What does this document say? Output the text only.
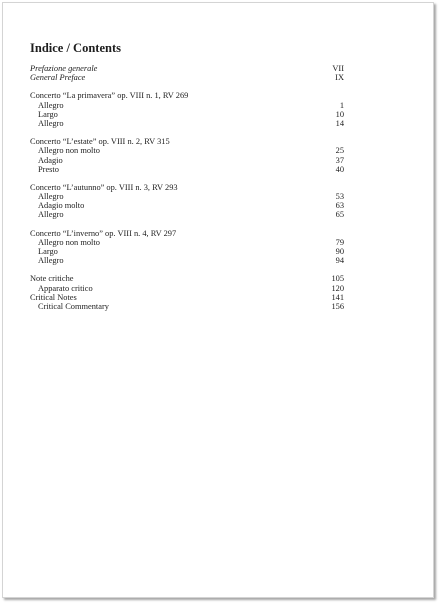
Indice / Contents
Prefazione generale	VII
General Preface	IX
Concerto “La primavera” op. VIII n. 1, RV 269
Allegro	1
Largo	10
Allegro	14
Concerto “L’estate” op. VIII n. 2, RV 315
Allegro non molto	25
Adagio	37
Presto	40
Concerto “L’autunno” op. VIII n. 3, RV 293
Allegro	53
Adagio molto	63
Allegro	65
Concerto “L’inverno” op. VIII n. 4, RV 297
Allegro non molto	79
Largo	90
Allegro	94
Note critiche	105
Apparato critico	120
Critical Notes	141
Critical Commentary	156
